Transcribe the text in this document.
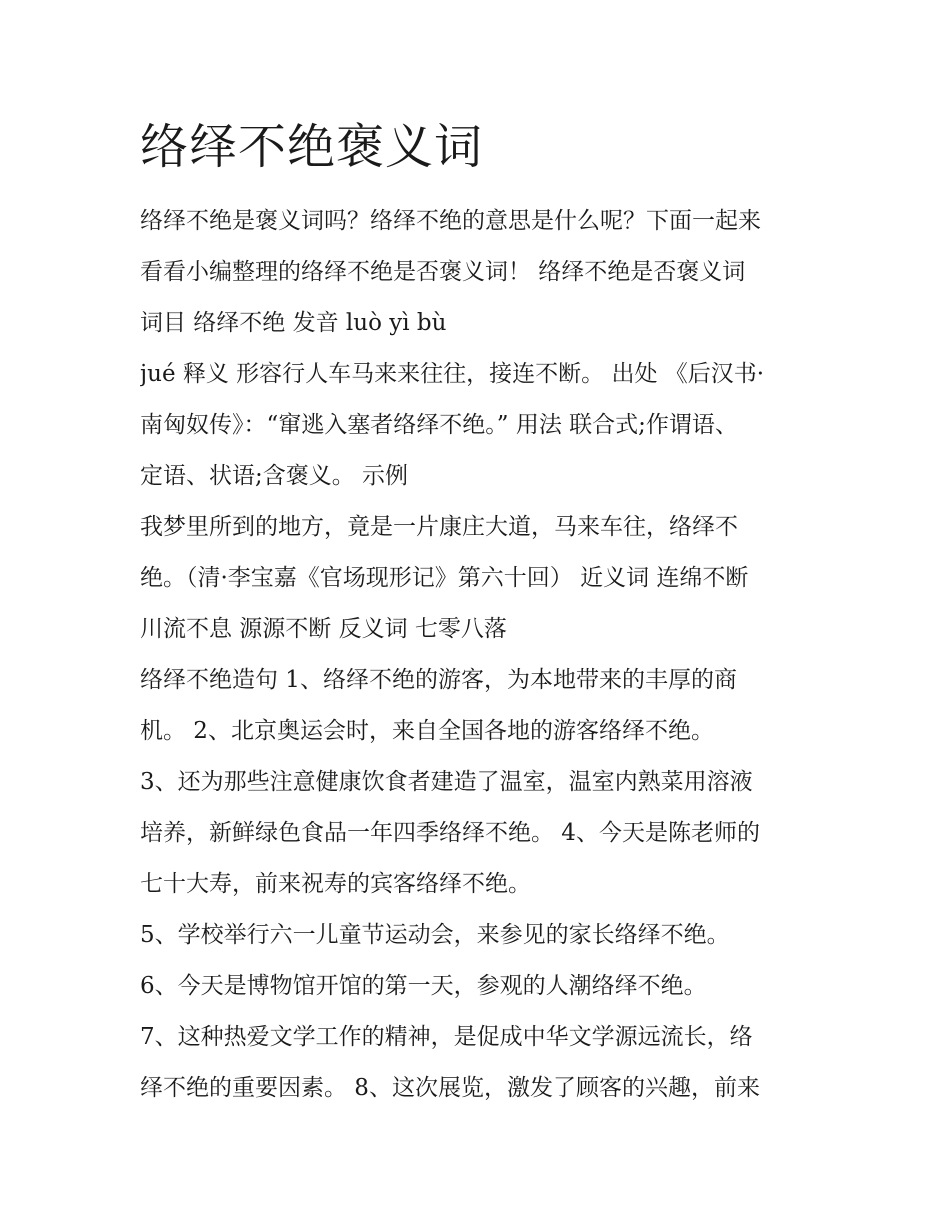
络绎不绝褒义词
络绎不绝是褒义词吗？络绎不绝的意思是什么呢？下面一起来
看看小编整理的络绎不绝是否褒义词！ 络绎不绝是否褒义词
词目 络绎不绝 发音 luò yì bù
jué 释义 形容行人车马来来往往，接连不断。 出处 《后汉书·
南匈奴传》：“窜逃入塞者络绎不绝。” 用法 联合式;作谓语、
定语、状语;含褒义。 示例
我梦里所到的地方，竟是一片康庄大道，马来车往，络绎不
绝。（清·李宝嘉《官场现形记》第六十回） 近义词 连绵不断
川流不息 源源不断 反义词 七零八落
络绎不绝造句 1、络绎不绝的游客，为本地带来的丰厚的商
机。 2、北京奥运会时，来自全国各地的游客络绎不绝。
3、还为那些注意健康饮食者建造了温室，温室内熟菜用溶液
培养，新鲜绿色食品一年四季络绎不绝。 4、今天是陈老师的
七十大寿，前来祝寿的宾客络绎不绝。
5、学校举行六一儿童节运动会，来参见的家长络绎不绝。
6、今天是博物馆开馆的第一天，参观的人潮络绎不绝。
7、这种热爱文学工作的精神，是促成中华文学源远流长，络
绎不绝的重要因素。 8、这次展览，激发了顾客的兴趣，前来
